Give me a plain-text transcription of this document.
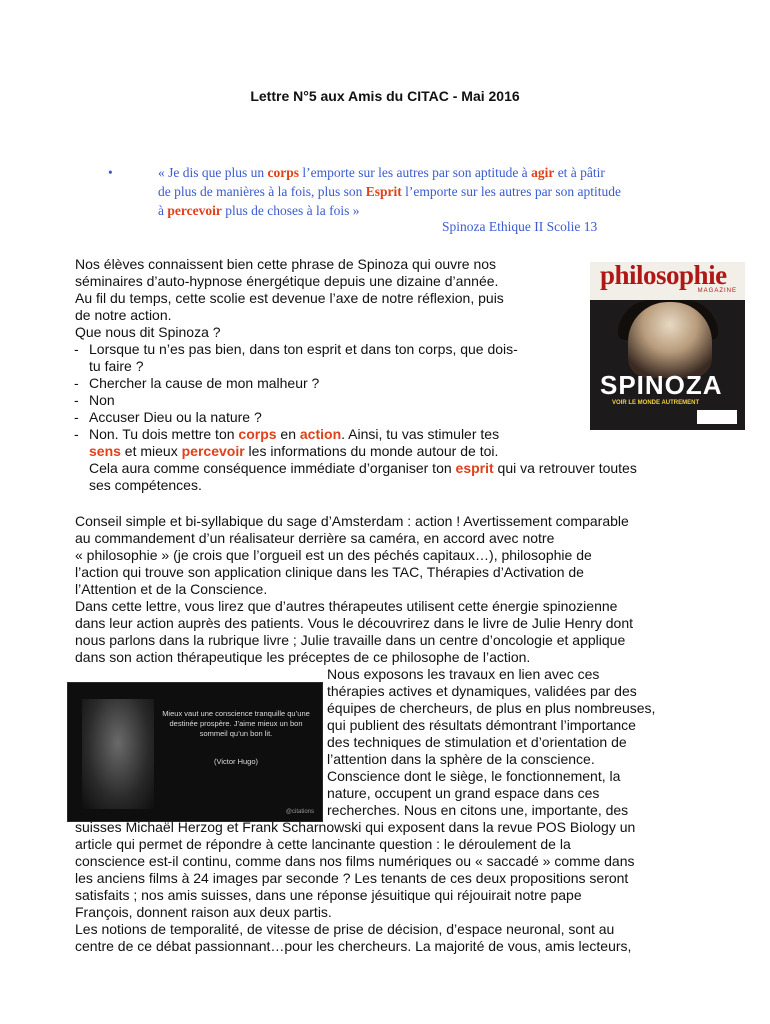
Lettre N°5 aux Amis du CITAC - Mai 2016
•	« Je dis que plus un corps l’emporte sur les autres par son aptitude à agir et à pâtir
de plus de manières à la fois, plus son Esprit l’emporte sur les autres par son aptitude
à percevoir plus de choses à la fois »
Spinoza Ethique II Scolie 13
Nos élèves connaissent bien cette phrase de Spinoza qui ouvre nos
séminaires d’auto-hypnose énergétique depuis une dizaine d’année.
Au fil du temps, cette scolie est devenue l’axe de notre réflexion, puis
de notre action.
Que nous dit Spinoza ?
- Lorsque tu n’es pas bien, dans ton esprit et dans ton corps, que dois-
tu faire ?
- Chercher la cause de mon malheur ?
- Non
- Accuser Dieu ou la nature ?
- Non. Tu dois mettre ton corps en action. Ainsi, tu vas stimuler tes
sens et mieux percevoir les informations du monde autour de toi.
Cela aura comme conséquence immédiate d’organiser ton esprit qui va retrouver toutes
ses compétences.
philosophie
MAGAZINE
SPINOZA
VOIR LE MONDE AUTREMENT
Conseil simple et bi-syllabique du sage d’Amsterdam : action ! Avertissement comparable
au commandement d’un réalisateur derrière sa caméra, en accord avec notre
« philosophie » (je crois que l’orgueil est un des péchés capitaux…), philosophie de
l’action qui trouve son application clinique dans les TAC, Thérapies d’Activation de
l’Attention et de la Conscience.
Dans cette lettre, vous lirez que d’autres thérapeutes utilisent cette énergie spinozienne
dans leur action auprès des patients. Vous le découvrirez dans le livre de Julie Henry dont
nous parlons dans la rubrique livre ; Julie travaille dans un centre d’oncologie et applique
dans son action thérapeutique les préceptes de ce philosophe de l’action.
Mieux vaut une conscience tranquille qu’une destinée prospère. J’aime mieux un bon sommeil qu’un bon lit.
(Victor Hugo)
@citations
Nous exposons les travaux en lien avec ces
thérapies actives et dynamiques, validées par des
équipes de chercheurs, de plus en plus nombreuses,
qui publient des résultats démontrant l’importance
des techniques de stimulation et d’orientation de
l’attention dans la sphère de la conscience.
Conscience dont le siège, le fonctionnement, la
nature, occupent un grand espace dans ces
recherches. Nous en citons une, importante, des
suisses Michaël Herzog et Frank Scharnowski qui exposent dans la revue POS Biology un
article qui permet de répondre à cette lancinante question : le déroulement de la
conscience est-il continu, comme dans nos films numériques ou « saccadé » comme dans
les anciens films à 24 images par seconde ? Les tenants de ces deux propositions seront
satisfaits ; nos amis suisses, dans une réponse jésuitique qui réjouirait notre pape
François, donnent raison aux deux partis.
Les notions de temporalité, de vitesse de prise de décision, d’espace neuronal, sont au
centre de ce débat passionnant…pour les chercheurs. La majorité de vous, amis lecteurs,
